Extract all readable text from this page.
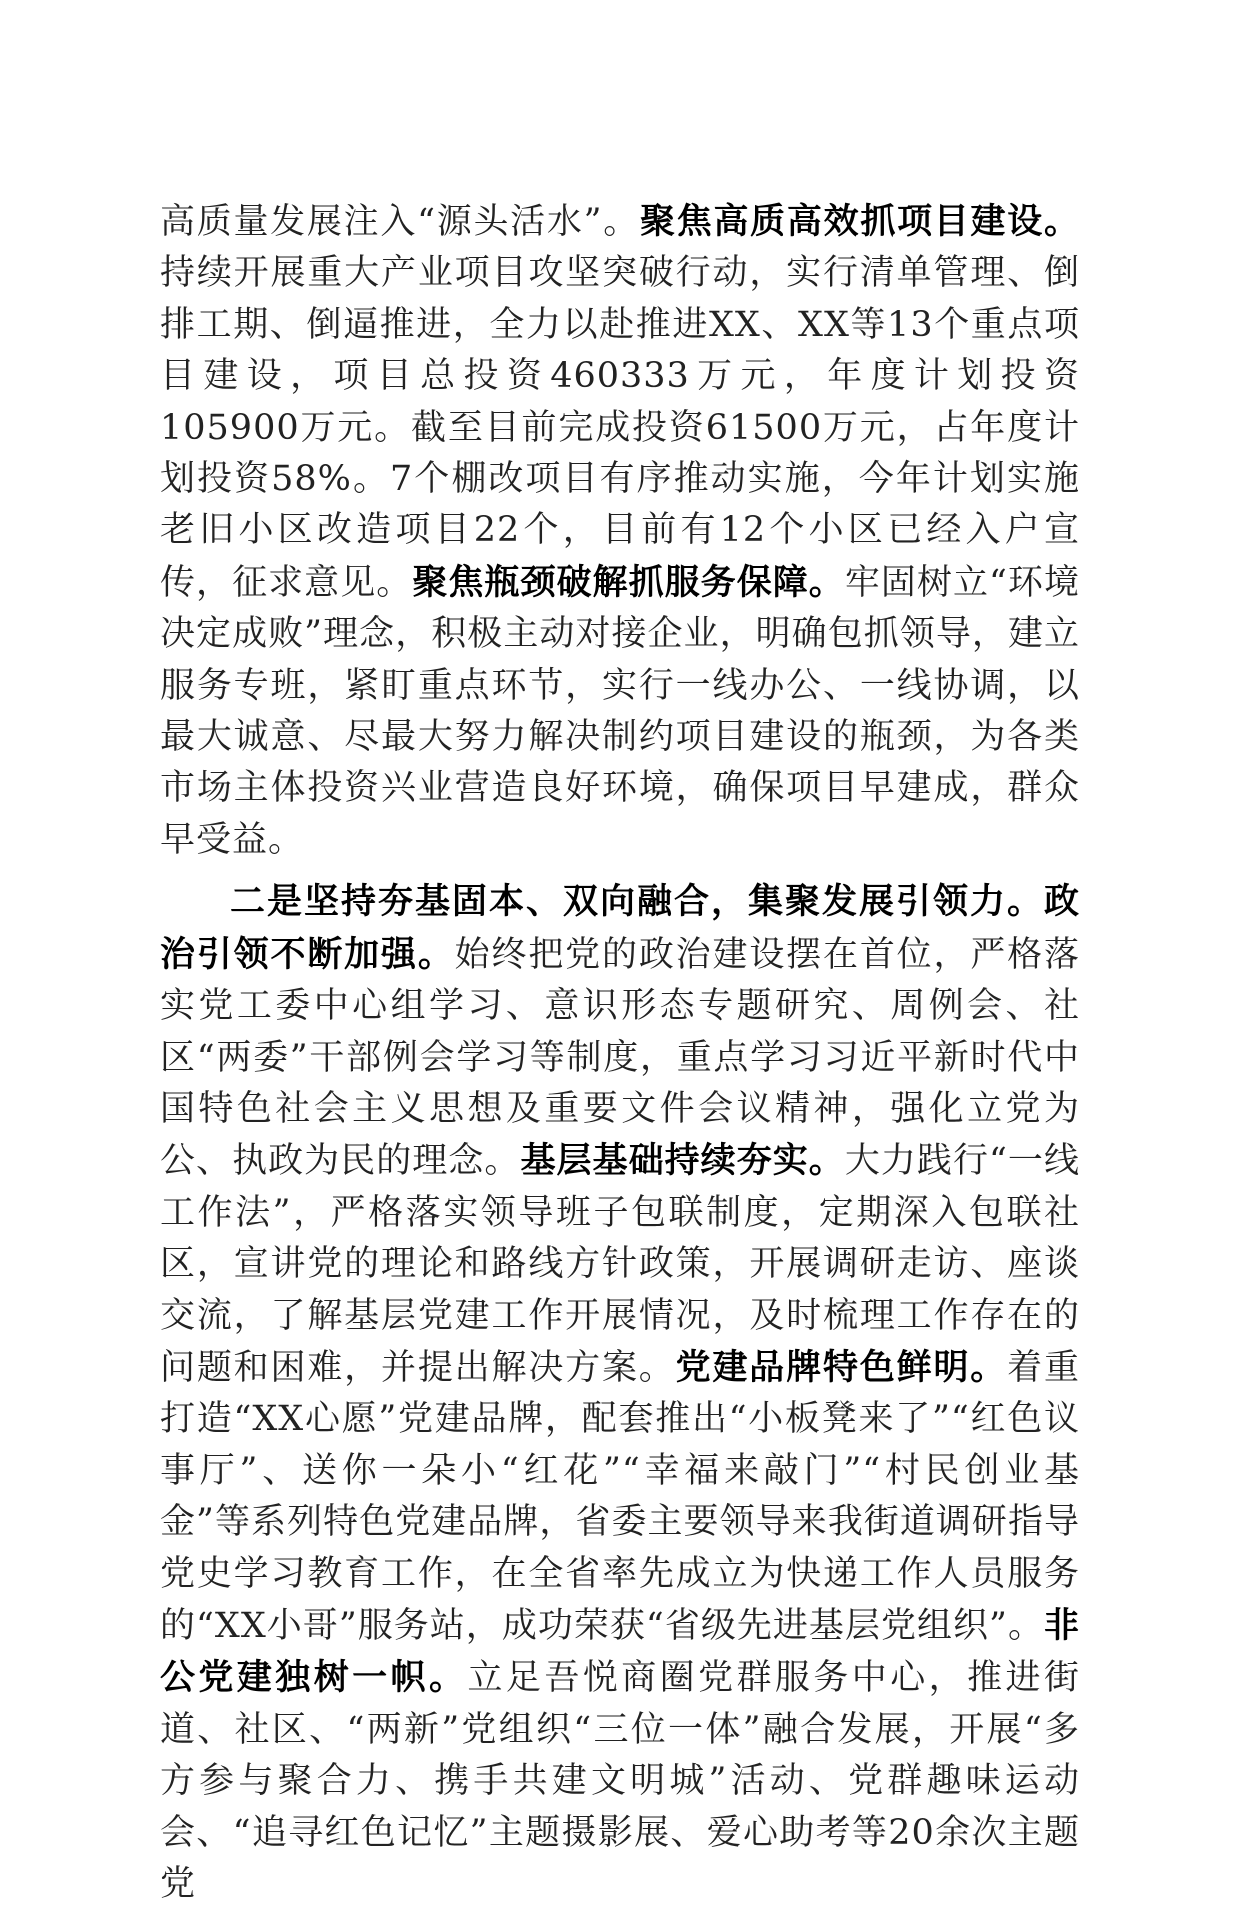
高质量发展注入“源头活水”。聚焦高质高效抓项目建设。持续开展重大产业项目攻坚突破行动，实行清单管理、倒排工期、倒逼推进，全力以赴推进XX、XX等13个重点项目建设，项目总投资460333万元，年度计划投资105900万元。截至目前完成投资61500万元，占年度计划投资58%。7个棚改项目有序推动实施，今年计划实施老旧小区改造项目22个，目前有12个小区已经入户宣传，征求意见。聚焦瓶颈破解抓服务保障。牢固树立“环境决定成败”理念，积极主动对接企业，明确包抓领导，建立服务专班，紧盯重点环节，实行一线办公、一线协调，以最大诚意、尽最大努力解决制约项目建设的瓶颈，为各类市场主体投资兴业营造良好环境，确保项目早建成，群众早受益。

二是坚持夯基固本、双向融合，集聚发展引领力。政治引领不断加强。始终把党的政治建设摆在首位，严格落实党工委中心组学习、意识形态专题研究、周例会、社区“两委”干部例会学习等制度，重点学习习近平新时代中国特色社会主义思想及重要文件会议精神，强化立党为公、执政为民的理念。基层基础持续夯实。大力践行“一线工作法”，严格落实领导班子包联制度，定期深入包联社区，宣讲党的理论和路线方针政策，开展调研走访、座谈交流，了解基层党建工作开展情况，及时梳理工作存在的问题和困难，并提出解决方案。党建品牌特色鲜明。着重打造“XX心愿”党建品牌，配套推出“小板凳来了”“红色议事厅”、送你一朵小“红花”“幸福来敲门”“村民创业基金”等系列特色党建品牌，省委主要领导来我街道调研指导党史学习教育工作，在全省率先成立为快递工作人员服务的“XX小哥”服务站，成功荣获“省级先进基层党组织”。非公党建独树一帜。立足吾悦商圈党群服务中心，推进街道、社区、“两新”党组织“三位一体”融合发展，开展“多方参与聚合力、携手共建文明城”活动、党群趣味运动会、“追寻红色记忆”主题摄影展、爱心助考等20余次主题党
